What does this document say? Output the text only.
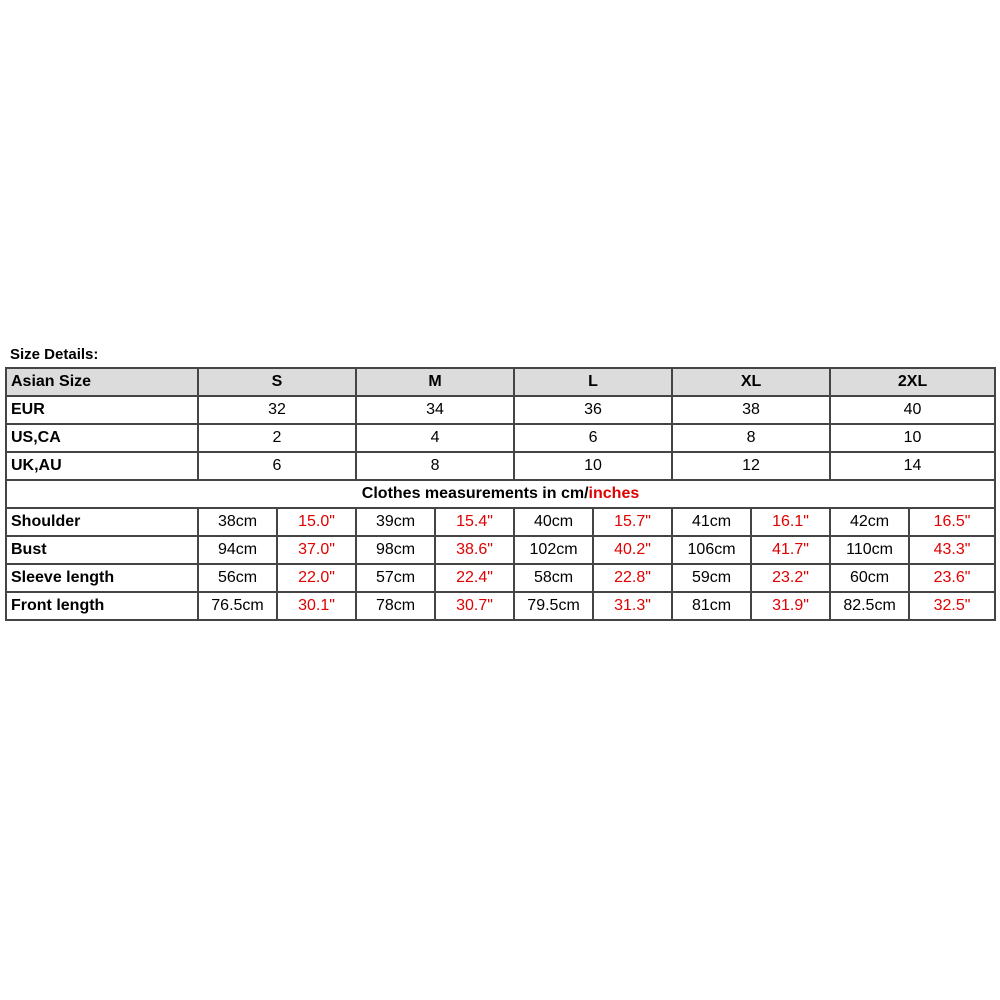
Size Details:
Asian Size	S		M		L		XL		2XL	
EUR	32		34		36		38		40	
US,CA	2		4		6		8		10	
UK,AU	6		8		10		12		14	
Clothes measurements in cm/inches										
Shoulder	38cm	15.0"	39cm	15.4"	40cm	15.7"	41cm	16.1"	42cm	16.5"
Bust	94cm	37.0"	98cm	38.6"	102cm	40.2"	106cm	41.7"	110cm	43.3"
Sleeve length	56cm	22.0"	57cm	22.4"	58cm	22.8"	59cm	23.2"	60cm	23.6"
Front length	76.5cm	30.1"	78cm	30.7"	79.5cm	31.3"	81cm	31.9"	82.5cm	32.5"
